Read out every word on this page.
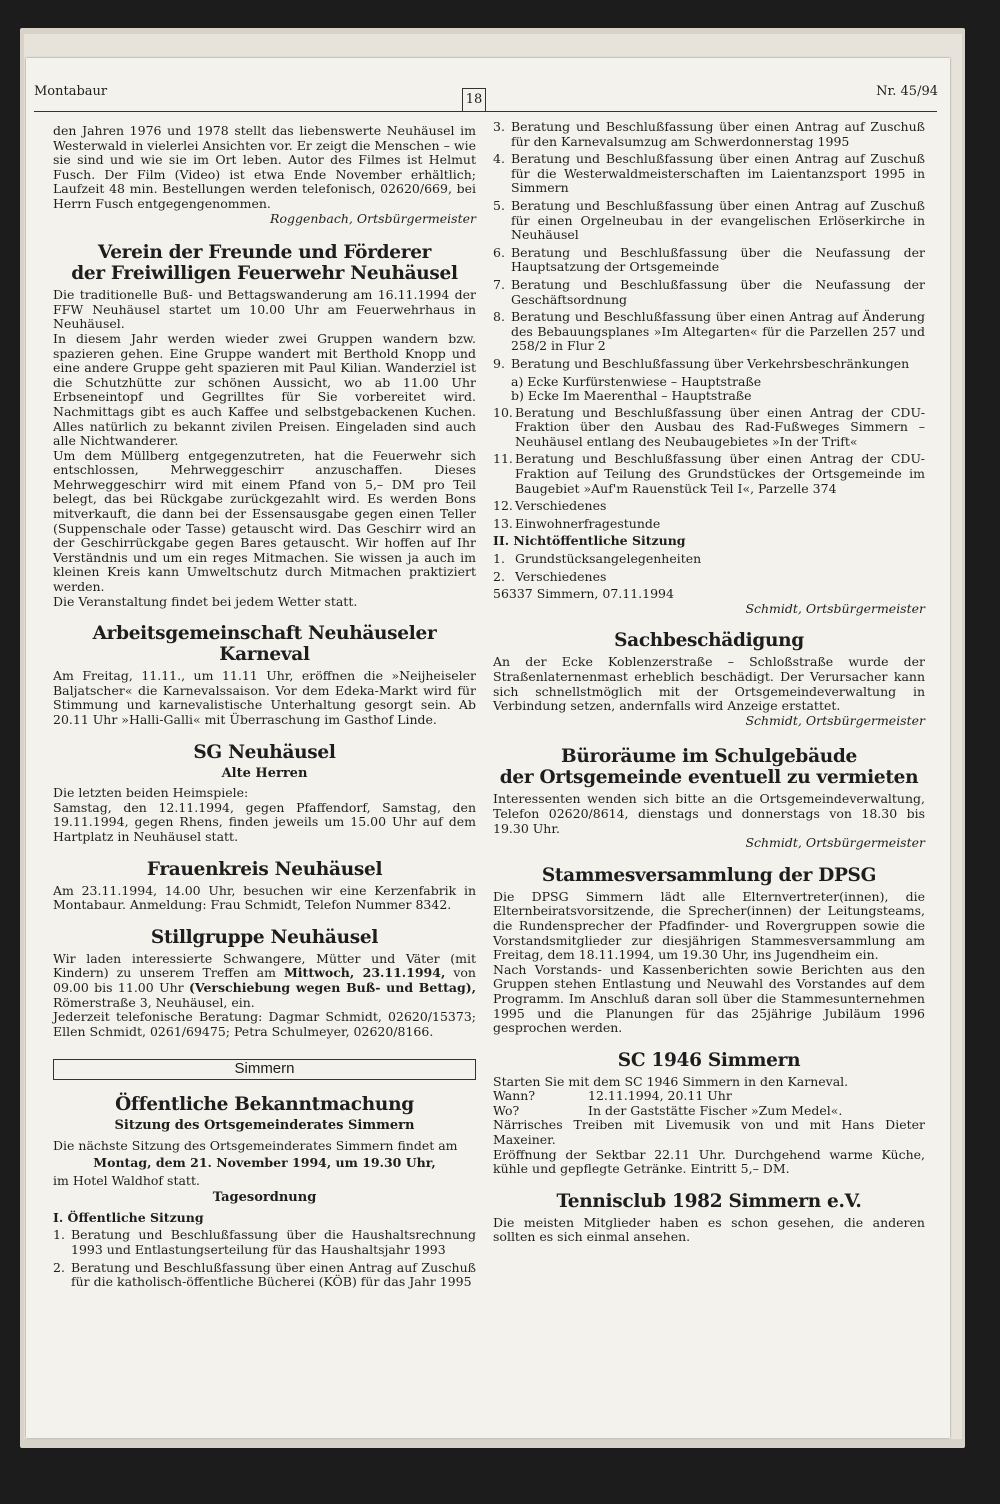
Montabaur
18
Nr. 45/94

den Jahren 1976 und 1978 stellt das liebenswerte Neuhäusel im Westerwald in vielerlei Ansichten vor. Er zeigt die Menschen – wie sie sind und wie sie im Ort leben. Autor des Filmes ist Helmut Fusch. Der Film (Video) ist etwa Ende November erhältlich; Laufzeit 48 min. Bestellungen werden telefonisch, 02620/669, bei Herrn Fusch entgegengenommen.

Roggenbach, Ortsbürgermeister

Verein der Freunde und Förderer
der Freiwilligen Feuerwehr Neuhäusel

Die traditionelle Buß- und Bettagswanderung am 16.11.1994 der FFW Neuhäusel startet um 10.00 Uhr am Feuerwehrhaus in Neuhäusel.

In diesem Jahr werden wieder zwei Gruppen wandern bzw. spazieren gehen. Eine Gruppe wandert mit Berthold Knopp und eine andere Gruppe geht spazieren mit Paul Kilian. Wanderziel ist die Schutzhütte zur schönen Aussicht, wo ab 11.00 Uhr Erbseneintopf und Gegrilltes für Sie vorbereitet wird. Nachmittags gibt es auch Kaffee und selbstgebackenen Kuchen. Alles natürlich zu bekannt zivilen Preisen. Eingeladen sind auch alle Nichtwanderer.

Um dem Müllberg entgegenzutreten, hat die Feuerwehr sich entschlossen, Mehrweggeschirr anzuschaffen. Dieses Mehrweggeschirr wird mit einem Pfand von 5,– DM pro Teil belegt, das bei Rückgabe zurückgezahlt wird. Es werden Bons mitverkauft, die dann bei der Essensausgabe gegen einen Teller (Suppenschale oder Tasse) getauscht wird. Das Geschirr wird an der Geschirrückgabe gegen Bares getauscht. Wir hoffen auf Ihr Verständnis und um ein reges Mitmachen. Sie wissen ja auch im kleinen Kreis kann Umweltschutz durch Mitmachen praktiziert werden.

Die Veranstaltung findet bei jedem Wetter statt.

Arbeitsgemeinschaft Neuhäuseler Karneval

Am Freitag, 11.11., um 11.11 Uhr, eröffnen die »Neijheiseler Baljatscher« die Karnevalssaison. Vor dem Edeka-Markt wird für Stimmung und karnevalistische Unterhaltung gesorgt sein. Ab 20.11 Uhr »Halli-Galli« mit Überraschung im Gasthof Linde.

SG Neuhäusel
Alte Herren

Die letzten beiden Heimspiele:

Samstag, den 12.11.1994, gegen Pfaffendorf, Samstag, den 19.11.1994, gegen Rhens, finden jeweils um 15.00 Uhr auf dem Hartplatz in Neuhäusel statt.

Frauenkreis Neuhäusel

Am 23.11.1994, 14.00 Uhr, besuchen wir eine Kerzenfabrik in Montabaur. Anmeldung: Frau Schmidt, Telefon Nummer 8342.

Stillgruppe Neuhäusel

Wir laden interessierte Schwangere, Mütter und Väter (mit Kindern) zu unserem Treffen am Mittwoch, 23.11.1994, von 09.00 bis 11.00 Uhr (Verschiebung wegen Buß- und Bettag), Römerstraße 3, Neuhäusel, ein.

Jederzeit telefonische Beratung: Dagmar Schmidt, 02620/15373; Ellen Schmidt, 0261/69475; Petra Schulmeyer, 02620/8166.

Simmern
Öffentliche Bekanntmachung
Sitzung des Ortsgemeinderates Simmern

Die nächste Sitzung des Ortsgemeinderates Simmern findet am

Montag, dem 21. November 1994, um 19.30 Uhr,

im Hotel Waldhof statt.

Tagesordnung

I. Öffentliche Sitzung

1. Beratung und Beschlußfassung über die Haushaltsrechnung 1993 und Entlastungserteilung für das Haushaltsjahr 1993
2. Beratung und Beschlußfassung über einen Antrag auf Zuschuß für die katholisch-öffentliche Bücherei (KÖB) für das Jahr 1995
3. Beratung und Beschlußfassung über einen Antrag auf Zuschuß für den Karnevalsumzug am Schwerdonnerstag 1995
4. Beratung und Beschlußfassung über einen Antrag auf Zuschuß für die Westerwaldmeisterschaften im Laientanzsport 1995 in Simmern
5. Beratung und Beschlußfassung über einen Antrag auf Zuschuß für einen Orgelneubau in der evangelischen Erlöserkirche in Neuhäusel
6. Beratung und Beschlußfassung über die Neufassung der Hauptsatzung der Ortsgemeinde
7. Beratung und Beschlußfassung über die Neufassung der Geschäftsordnung
8. Beratung und Beschlußfassung über einen Antrag auf Änderung des Bebauungsplanes »Im Altegarten« für die Parzellen 257 und 258/2 in Flur 2
9. Beratung und Beschlußfassung über Verkehrsbeschränkungen

a) Ecke Kurfürstenwiese – Hauptstraße

b) Ecke Im Maerenthal – Hauptstraße

10. Beratung und Beschlußfassung über einen Antrag der CDU-Fraktion über den Ausbau des Rad-Fußweges Simmern – Neuhäusel entlang des Neubaugebietes »In der Trift«
11. Beratung und Beschlußfassung über einen Antrag der CDU-Fraktion auf Teilung des Grundstückes der Ortsgemeinde im Baugebiet »Auf'm Rauenstück Teil I«, Parzelle 374
12. Verschiedenes
13. Einwohnerfragestunde

II. Nichtöffentliche Sitzung

1. Grundstücksangelegenheiten
2. Verschiedenes

56337 Simmern, 07.11.1994

Schmidt, Ortsbürgermeister

Sachbeschädigung

An der Ecke Koblenzerstraße – Schloßstraße wurde der Straßenlaternenmast erheblich beschädigt. Der Verursacher kann sich schnellstmöglich mit der Ortsgemeindeverwaltung in Verbindung setzen, andernfalls wird Anzeige erstattet.

Schmidt, Ortsbürgermeister

Büroräume im Schulgebäude
der Ortsgemeinde eventuell zu vermieten

Interessenten wenden sich bitte an die Ortsgemeindeverwaltung, Telefon 02620/8614, dienstags und donnerstags von 18.30 bis 19.30 Uhr.

Schmidt, Ortsbürgermeister

Stammesversammlung der DPSG

Die DPSG Simmern lädt alle Elternvertreter(innen), die Elternbeiratsvorsitzende, die Sprecher(innen) der Leitungsteams, die Rundensprecher der Pfadfinder- und Rovergruppen sowie die Vorstandsmitglieder zur diesjährigen Stammesversammlung am Freitag, dem 18.11.1994, um 19.30 Uhr, ins Jugendheim ein.

Nach Vorstands- und Kassenberichten sowie Berichten aus den Gruppen stehen Entlastung und Neuwahl des Vorstandes auf dem Programm. Im Anschluß daran soll über die Stammesunternehmen 1995 und die Planungen für das 25jährige Jubiläum 1996 gesprochen werden.

SC 1946 Simmern

Starten Sie mit dem SC 1946 Simmern in den Karneval.

Wann?	12.11.1994, 20.11 Uhr
Wo?	In der Gaststätte Fischer »Zum Medel«.

Närrisches Treiben mit Livemusik von und mit Hans Dieter Maxeiner.

Eröffnung der Sektbar 22.11 Uhr. Durchgehend warme Küche, kühle und gepflegte Getränke. Eintritt 5,– DM.

Tennisclub 1982 Simmern e.V.

Die meisten Mitglieder haben es schon gesehen, die anderen sollten es sich einmal ansehen.
